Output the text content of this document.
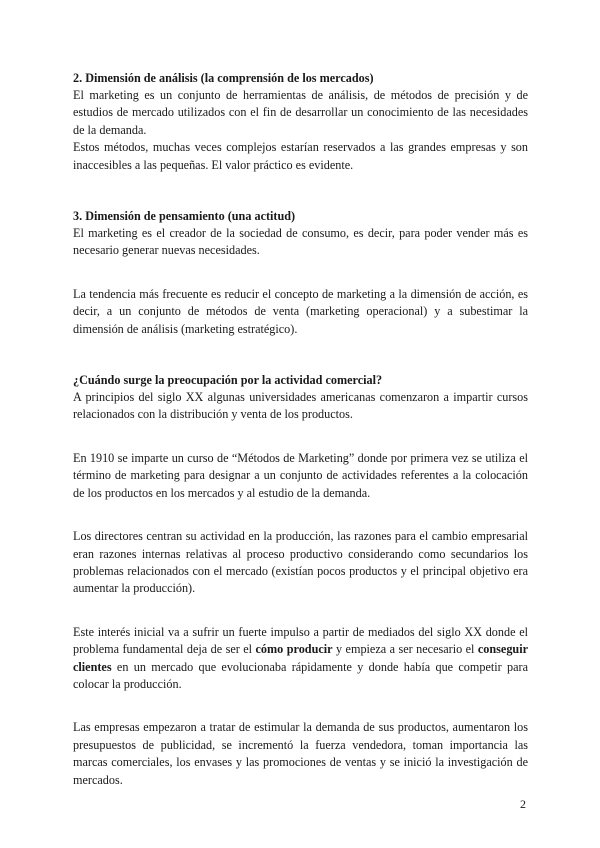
2. Dimensión de análisis (la comprensión de los mercados)

El marketing es un conjunto de herramientas de análisis, de métodos de precisión y de estudios de mercado utilizados con el fin de desarrollar un conocimiento de las necesidades de la demanda.

Estos métodos, muchas veces complejos estarían reservados a las grandes empresas y son inaccesibles a las pequeñas. El valor práctico es evidente.

3. Dimensión de pensamiento (una actitud)

El marketing es el creador de la sociedad de consumo, es decir, para poder vender más es necesario generar nuevas necesidades.

La tendencia más frecuente es reducir el concepto de marketing a la dimensión de acción, es decir, a un conjunto de métodos de venta (marketing operacional) y a subestimar la dimensión de análisis (marketing estratégico).

¿Cuándo surge la preocupación por la actividad comercial?

A principios del siglo XX algunas universidades americanas comenzaron a impartir cursos relacionados con la distribución y venta de los productos.

En 1910 se imparte un curso de “Métodos de Marketing” donde por primera vez se utiliza el término de marketing para designar a un conjunto de actividades referentes a la colocación de los productos en los mercados y al estudio de la demanda.

Los directores centran su actividad en la producción, las razones para el cambio empresarial eran razones internas relativas al proceso productivo considerando como secundarios los problemas relacionados con el mercado (existían pocos productos y el principal objetivo era aumentar la producción).

Este interés inicial va a sufrir un fuerte impulso a partir de mediados del siglo XX donde el problema fundamental deja de ser el cómo producir y empieza a ser necesario el conseguir clientes en un mercado que evolucionaba rápidamente y donde había que competir para colocar la producción.

Las empresas empezaron a tratar de estimular la demanda de sus productos, aumentaron los presupuestos de publicidad, se incrementó la fuerza vendedora, toman importancia las marcas comerciales, los envases y las promociones de ventas y se inició la investigación de mercados.

2
